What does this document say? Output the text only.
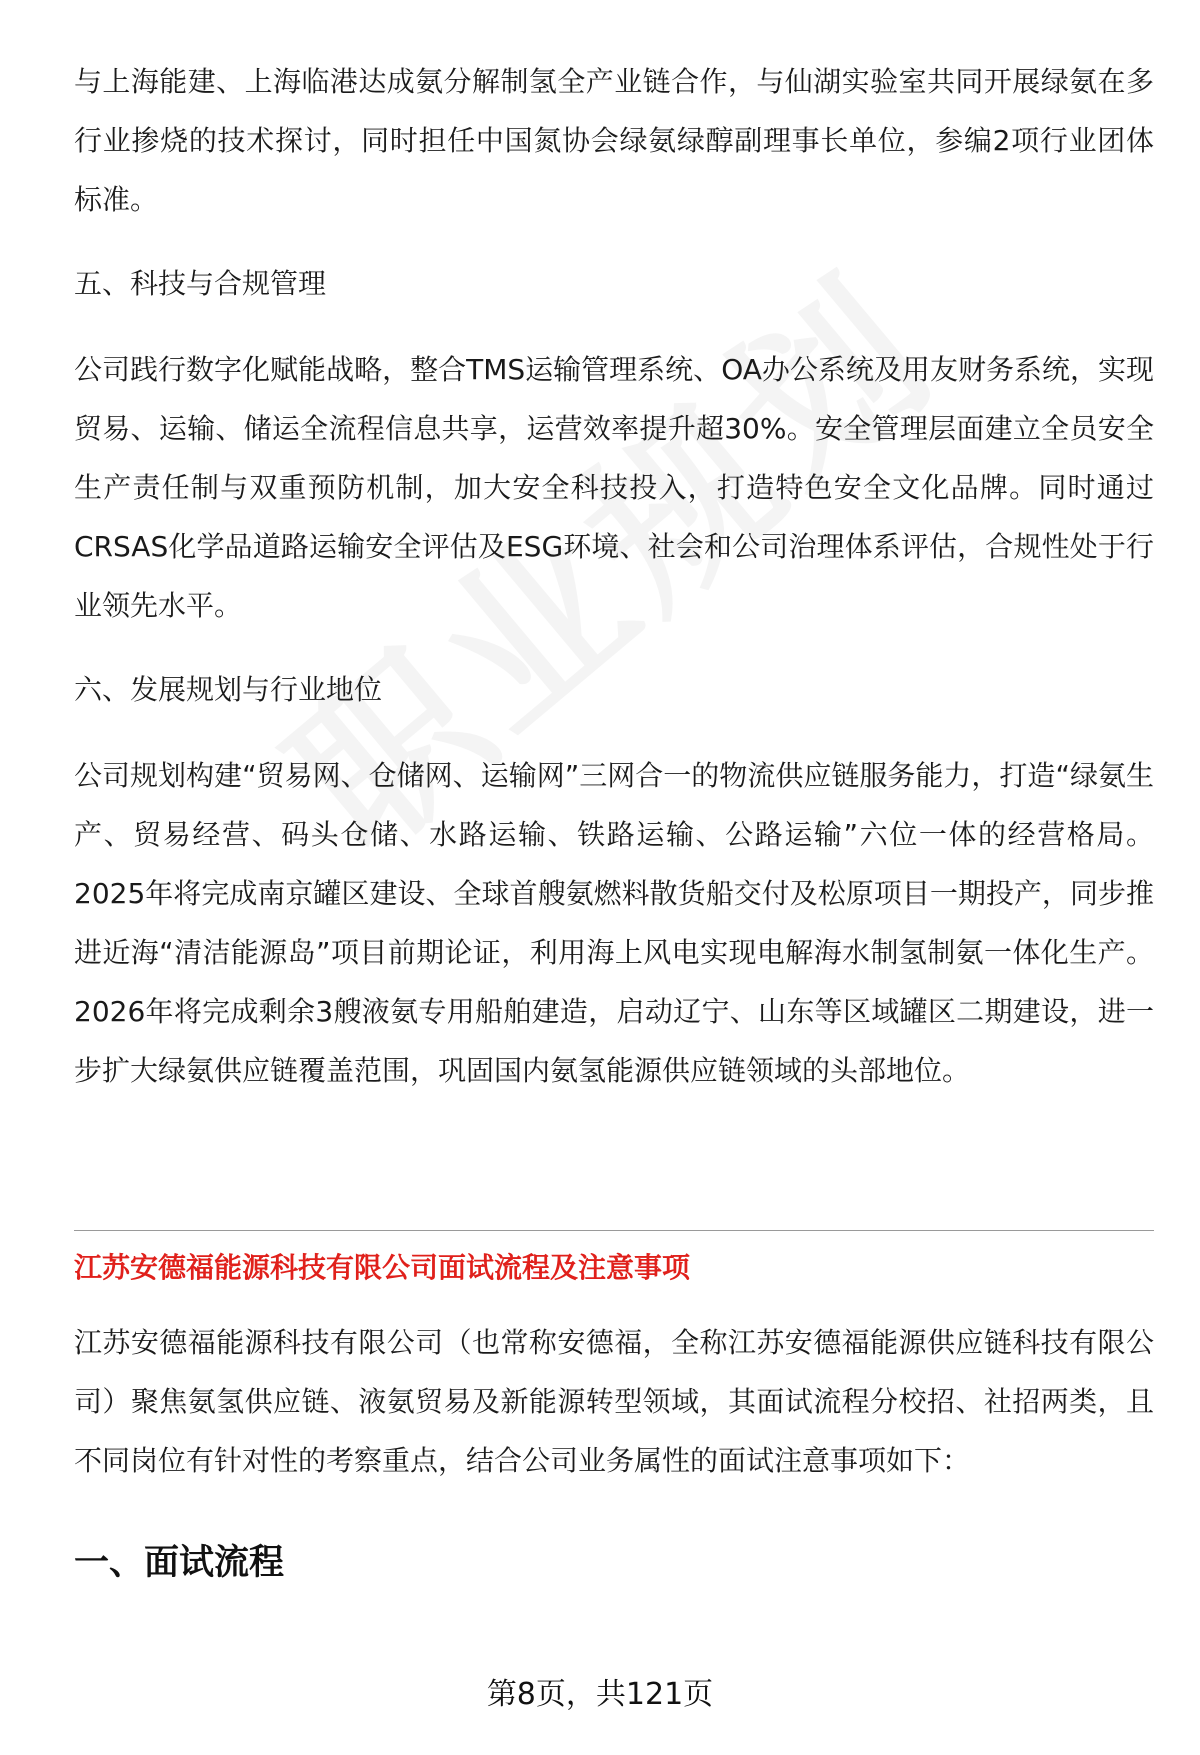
与上海能建、上海临港达成氨分解制氢全产业链合作，与仙湖实验室共同开展绿氨在多行业掺烧的技术探讨，同时担任中国氮协会绿氨绿醇副理事长单位，参编2项行业团体标准。

五、科技与合规管理

公司践行数字化赋能战略，整合TMS运输管理系统、OA办公系统及用友财务系统，实现贸易、运输、储运全流程信息共享，运营效率提升超30%。安全管理层面建立全员安全生产责任制与双重预防机制，加大安全科技投入，打造特色安全文化品牌。同时通过CRSAS化学品道路运输安全评估及ESG环境、社会和公司治理体系评估，合规性处于行业领先水平。

六、发展规划与行业地位

公司规划构建“贸易网、仓储网、运输网”三网合一的物流供应链服务能力，打造“绿氨生产、贸易经营、码头仓储、水路运输、铁路运输、公路运输”六位一体的经营格局。2025年将完成南京罐区建设、全球首艘氨燃料散货船交付及松原项目一期投产，同步推进近海“清洁能源岛”项目前期论证，利用海上风电实现电解海水制氢制氨一体化生产。2026年将完成剩余3艘液氨专用船舶建造，启动辽宁、山东等区域罐区二期建设，进一步扩大绿氨供应链覆盖范围，巩固国内氨氢能源供应链领域的头部地位。

江苏安德福能源科技有限公司面试流程及注意事项

江苏安德福能源科技有限公司（也常称安德福，全称江苏安德福能源供应链科技有限公司）聚焦氨氢供应链、液氨贸易及新能源转型领域，其面试流程分校招、社招两类，且不同岗位有针对性的考察重点，结合公司业务属性的面试注意事项如下：

一、面试流程
第8页，共121页
